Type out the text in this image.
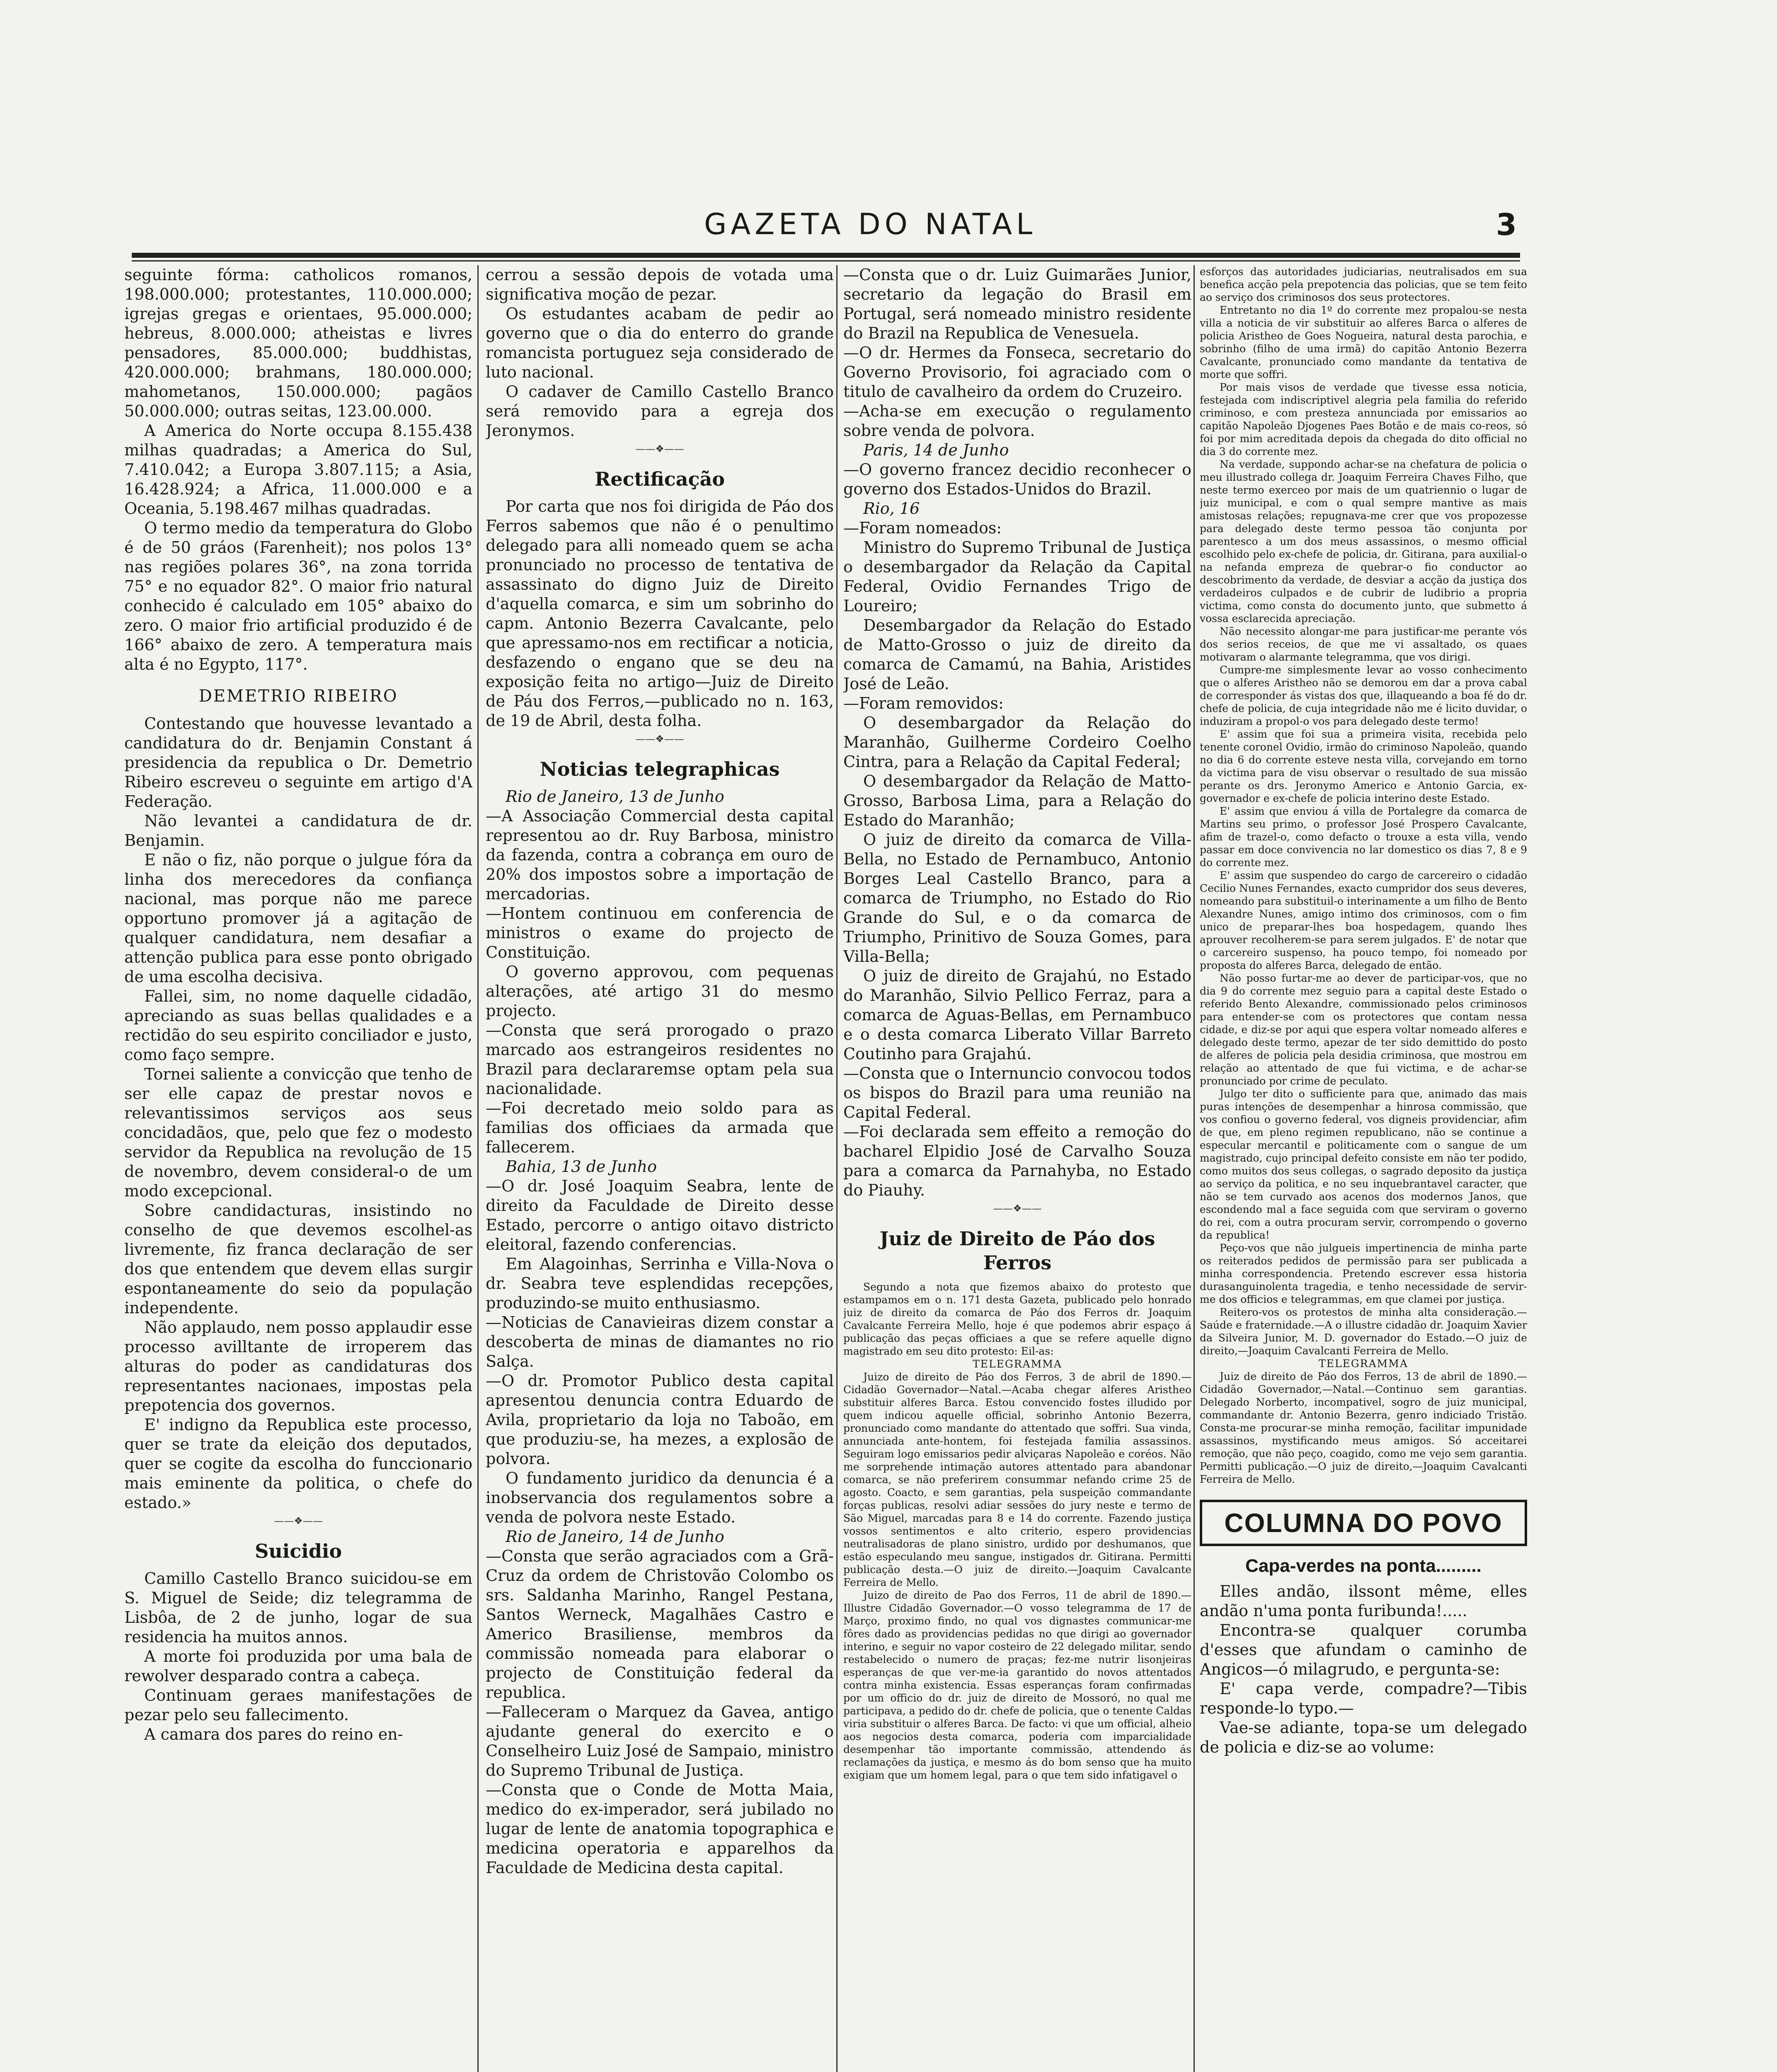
GAZETA DO NATAL	3

seguinte fórma: catholicos romanos, 198.000.000; protestantes, 110.000.000; igrejas gregas e orientaes, 95.000.000; hebreus, 8.000.000; atheistas e livres pensadores, 85.000.000; buddhistas, 420.000.000; brahmans, 180.000.000; mahometanos, 150.000.000; pagãos 50.000.000; outras seitas, 123.00.000.

A America do Norte occupa 8.155.438 milhas quadradas; a America do Sul, 7.410.042; a Europa 3.807.115; a Asia, 16.428.924; a Africa, 11.000.000 e a Oceania, 5.198.467 milhas quadradas.

O termo medio da temperatura do Globo é de 50 gráos (Farenheit); nos polos 13° nas regiões polares 36°, na zona torrida 75° e no equador 82°. O maior frio natural conhecido é calculado em 105° abaixo do zero. O maior frio artificial produzido é de 166° abaixo de zero. A temperatura mais alta é no Egypto, 117°.

DEMETRIO RIBEIRO

Contestando que houvesse levantado a candidatura do dr. Benjamin Constant á presidencia da republica o Dr. Demetrio Ribeiro escreveu o seguinte em artigo d'A Federação.

Não levantei a candidatura de dr. Benjamin.

E não o fiz, não porque o julgue fóra da linha dos merecedores da confiança nacional, mas porque não me parece opportuno promover já a agitação de qualquer candidatura, nem desafiar a attenção publica para esse ponto obrigado de uma escolha decisiva.

Fallei, sim, no nome daquelle cidadão, apreciando as suas bellas qualidades e a rectidão do seu espirito conciliador e justo, como faço sempre.

Tornei saliente a convicção que tenho de ser elle capaz de prestar novos e relevantissimos serviços aos seus concidadãos, que, pelo que fez o modesto servidor da Republica na revolução de 15 de novembro, devem consideral-o de um modo excepcional.

Sobre candidacturas, insistindo no conselho de que devemos escolhel-as livremente, fiz franca declaração de ser dos que entendem que devem ellas surgir espontaneamente do seio da população independente.

Não applaudo, nem posso applaudir esse processo avilltante de irroperem das alturas do poder as candidaturas dos representantes nacionaes, impostas pela prepotencia dos governos.

E' indigno da Republica este processo, quer se trate da eleição dos deputados, quer se cogite da escolha do funccionario mais eminente da politica, o chefe do estado.»

——❖——
Suicidio

Camillo Castello Branco suicidou-se em S. Miguel de Seide; diz telegramma de Lisbôa, de 2 de junho, logar de sua residencia ha muitos annos.

A morte foi produzida por uma bala de rewolver desparado contra a cabeça.

Continuam geraes manifestações de pezar pelo seu fallecimento.

A camara dos pares do reino en-

cerrou a sessão depois de votada uma significativa moção de pezar.

Os estudantes acabam de pedir ao governo que o dia do enterro do grande romancista portuguez seja considerado de luto nacional.

O cadaver de Camillo Castello Branco será removido para a egreja dos Jeronymos.

——❖——
Rectificação

Por carta que nos foi dirigida de Páo dos Ferros sabemos que não é o penultimo delegado para alli nomeado quem se acha pronunciado no processo de tentativa de assassinato do digno Juiz de Direito d'aquella comarca, e sim um sobrinho do capm. Antonio Bezerra Cavalcante, pelo que apressamo-nos em rectificar a noticia, desfazendo o engano que se deu na exposição feita no artigo—Juiz de Direito de Páu dos Ferros,—publicado no n. 163, de 19 de Abril, desta folha.

——❖——
Noticias telegraphicas

Rio de Janeiro, 13 de Junho

—A Associação Commercial desta capital representou ao dr. Ruy Barbosa, ministro da fazenda, contra a cobrança em ouro de 20% dos impostos sobre a importação de mercadorias.

—Hontem continuou em conferencia de ministros o exame do projecto de Constituição.

O governo approvou, com pequenas alterações, até artigo 31 do mesmo projecto.

—Consta que será prorogado o prazo marcado aos estrangeiros residentes no Brazil para declararemse optam pela sua nacionalidade.

—Foi decretado meio soldo para as familias dos officiaes da armada que fallecerem.

Bahia, 13 de Junho

—O dr. José Joaquim Seabra, lente de direito da Faculdade de Direito desse Estado, percorre o antigo oitavo districto eleitoral, fazendo conferencias.

Em Alagoinhas, Serrinha e Villa-Nova o dr. Seabra teve esplendidas recepções, produzindo-se muito enthusiasmo.

—Noticias de Canavieiras dizem constar a descoberta de minas de diamantes no rio Salça.

—O dr. Promotor Publico desta capital apresentou denuncia contra Eduardo de Avila, proprietario da loja no Taboão, em que produziu-se, ha mezes, a explosão de polvora.

O fundamento juridico da denuncia é a inobservancia dos regulamentos sobre a venda de polvora neste Estado.

Rio de Janeiro, 14 de Junho

—Consta que serão agraciados com a Grã-Cruz da ordem de Christovão Colombo os srs. Saldanha Marinho, Rangel Pestana, Santos Werneck, Magalhães Castro e Americo Brasiliense, membros da commissão nomeada para elaborar o projecto de Constituição federal da republica.

—Falleceram o Marquez da Gavea, antigo ajudante general do exercito e o Conselheiro Luiz José de Sampaio, ministro do Supremo Tribunal de Justiça.

—Consta que o Conde de Motta Maia, medico do ex-imperador, será jubilado no lugar de lente de anatomia topographica e medicina operatoria e apparelhos da Faculdade de Medicina desta capital.

—Consta que o dr. Luiz Guimarães Junior, secretario da legação do Brasil em Portugal, será nomeado ministro residente do Brazil na Republica de Venesuela.

—O dr. Hermes da Fonseca, secretario do Governo Provisorio, foi agraciado com o titulo de cavalheiro da ordem do Cruzeiro.

—Acha-se em execução o regulamento sobre venda de polvora.

Paris, 14 de Junho

—O governo francez decidio reconhecer o governo dos Estados-Unidos do Brazil.

Rio, 16

—Foram nomeados:

Ministro do Supremo Tribunal de Justiça o desembargador da Relação da Capital Federal, Ovidio Fernandes Trigo de Loureiro;

Desembargador da Relação do Estado de Matto-Grosso o juiz de direito da comarca de Camamú, na Bahia, Aristides José de Leão.

—Foram removidos:

O desembargador da Relação do Maranhão, Guilherme Cordeiro Coelho Cintra, para a Relação da Capital Federal;

O desembargador da Relação de Matto-Grosso, Barbosa Lima, para a Relação do Estado do Maranhão;

O juiz de direito da comarca de Villa-Bella, no Estado de Pernambuco, Antonio Borges Leal Castello Branco, para a comarca de Triumpho, no Estado do Rio Grande do Sul, e o da comarca de Triumpho, Prinitivo de Souza Gomes, para Villa-Bella;

O juiz de direito de Grajahú, no Estado do Maranhão, Silvio Pellico Ferraz, para a comarca de Aguas-Bellas, em Pernambuco e o desta comarca Liberato Villar Barreto Coutinho para Grajahú.

—Consta que o Internuncio convocou todos os bispos do Brazil para uma reunião na Capital Federal.

—Foi declarada sem effeito a remoção do bacharel Elpidio José de Carvalho Souza para a comarca da Parnahyba, no Estado do Piauhy.

——❖——
Juiz de Direito de Páo dos Ferros

Segundo a nota que fizemos abaixo do protesto que estampamos em o n. 171 desta Gazeta, publicado pelo honrado juiz de direito da comarca de Páo dos Ferros dr. Joaquim Cavalcante Ferreira Mello, hoje é que podemos abrir espaço á publicação das peças officiaes a que se refere aquelle digno magistrado em seu dito protesto: Eil-as:

TELEGRAMMA

Juizo de direito de Páo dos Ferros, 3 de abril de 1890.—Cidadão Governador—Natal.—Acaba chegar alferes Aristheo substituir alferes Barca. Estou convencido fostes illudido por quem indicou aquelle official, sobrinho Antonio Bezerra, pronunciado como mandante do attentado que soffri. Sua vinda, annunciada ante-hontem, foi festejada familia assassinos. Seguiram logo emissarios pedir alviçaras Napoleão e coréos. Não me sorprehende intimação autores attentado para abandonar comarca, se não preferirem consummar nefando crime 25 de agosto. Coacto, e sem garantias, pela suspeição commandante forças publicas, resolvi adiar sessões do jury neste e termo de São Miguel, marcadas para 8 e 14 do corrente. Fazendo justiça vossos sentimentos e alto criterio, espero providencias neutralisadoras de plano sinistro, urdido por deshumanos, que estão especulando meu sangue, instigados dr. Gitirana. Permitti publicação desta.—O juiz de direito.—Joaquim Cavalcante Ferreira de Mello.

Juizo de direito de Pao dos Ferros, 11 de abril de 1890.—Illustre Cidadão Governador.—O vosso telegramma de 17 de Março, proximo findo, no qual vos dignastes communicar-me fôres dado as providencias pedidas no que dirigi ao governador interino, e seguir no vapor costeiro de 22 delegado militar, sendo restabelecido o numero de praças; fez-me nutrir lisonjeiras esperanças de que ver-me-ia garantido do novos attentados contra minha existencia. Essas esperanças foram confirmadas por um officio do dr. juiz de direito de Mossoró, no qual me participava, a pedido do dr. chefe de policia, que o tenente Caldas viria substituir o alferes Barca. De facto: vi que um official, alheio aos negocios desta comarca, poderia com imparcialidade desempenhar tão importante commissão, attendendo ás reclamações da justiça, e mesmo ás do bom senso que ha muito exigiam que um homem legal, para o que tem sido infatigavel o

esforços das autoridades judiciarias, neutralisados em sua benefica acção pela prepotencia das policias, que se tem feito ao serviço dos criminosos dos seus protectores.

Entretanto no dia 1º do corrente mez propalou-se nesta villa a noticia de vir substituir ao alferes Barca o alferes de policia Aristheo de Goes Nogueira, natural desta parochia, e sobrinho (filho de uma irmã) do capitão Antonio Bezerra Cavalcante, pronunciado como mandante da tentativa de morte que soffri.

Por mais visos de verdade que tivesse essa noticia, festejada com indiscriptivel alegria pela familia do referido criminoso, e com presteza annunciada por emissarios ao capitão Napoleão Djogenes Paes Botão e de mais co-reos, só foi por mim acreditada depois da chegada do dito official no dia 3 do corrente mez.

Na verdade, suppondo achar-se na chefatura de policia o meu illustrado collega dr. Joaquim Ferreira Chaves Filho, que neste termo exerceo por mais de um quatriennio o lugar de juiz municipal, e com o qual sempre mantive as mais amistosas relações; repugnava-me crer que vos propozesse para delegado deste termo pessoa tão conjunta por parentesco a um dos meus assassinos, o mesmo official escolhido pelo ex-chefe de policia, dr. Gitirana, para auxilial-o na nefanda empreza de quebrar-o fio conductor ao descobrimento da verdade, de desviar a acção da justiça dos verdadeiros culpados e de cubrir de ludibrio a propria victima, como consta do documento junto, que submetto á vossa esclarecida apreciação.

Não necessito alongar-me para justificar-me perante vós dos serios receios, de que me vi assaltado, os quaes motivaram o alarmante telegramma, que vos dirigi.

Cumpre-me simplesmente levar ao vosso conhecimento que o alferes Aristheo não se demorou em dar a prova cabal de corresponder ás vistas dos que, illaqueando a boa fé do dr. chefe de policia, de cuja integridade não me é licito duvidar, o induziram a propol-o vos para delegado deste termo!

E' assim que foi sua a primeira visita, recebida pelo tenente coronel Ovidio, irmão do criminoso Napoleão, quando no dia 6 do corrente esteve nesta villa, corvejando em torno da victima para de visu observar o resultado de sua missão perante os drs. Jeronymo Americo e Antonio Garcia, ex-governador e ex-chefe de policia interino deste Estado.

E' assim que enviou á villa de Portalegre da comarca de Martins seu primo, o professor José Prospero Cavalcante, afim de trazel-o, como defacto o trouxe a esta villa, vendo passar em doce convivencia no lar domestico os dias 7, 8 e 9 do corrente mez.

E' assim que suspendeo do cargo de carcereiro o cidadão Cecilio Nunes Fernandes, exacto cumpridor dos seus deveres, nomeando para substituil-o interinamente a um filho de Bento Alexandre Nunes, amigo intimo dos criminosos, com o fim unico de preparar-lhes boa hospedagem, quando lhes aprouver recolherem-se para serem julgados. E' de notar que o carcereiro suspenso, ha pouco tempo, foi nomeado por proposta do alferes Barca, delegado de então.

Não posso furtar-me ao dever de participar-vos, que no dia 9 do corrente mez seguio para a capital deste Estado o referido Bento Alexandre, commissionado pelos criminosos para entender-se com os protectores que contam nessa cidade, e diz-se por aqui que espera voltar nomeado alferes e delegado deste termo, apezar de ter sido demittido do posto de alferes de policia pela desidia criminosa, que mostrou em relação ao attentado de que fui victima, e de achar-se pronunciado por crime de peculato.

Julgo ter dito o sufficiente para que, animado das mais puras intenções de desempenhar a hinrosa commissão, que vos confiou o governo federal, vos digneis providenciar, afim de que, em pleno regimen republicano, não se continue a especular mercantil e politicamente com o sangue de um magistrado, cujo principal defeito consiste em não ter podido, como muitos dos seus collegas, o sagrado deposito da justiça ao serviço da politica, e no seu inquebrantavel caracter, que não se tem curvado aos acenos dos modernos Janos, que escondendo mal a face seguida com que serviram o governo do rei, com a outra procuram servir, corrompendo o governo da republica!

Peço-vos que não julgueis impertinencia de minha parte os reiterados pedidos de permissão para ser publicada a minha correspondencia. Pretendo escrever essa historia durasanguinolenta tragedia, e tenho necessidade de servir-me dos officios e telegrammas, em que clamei por justiça.

Reitero-vos os protestos de minha alta consideração.—Saúde e fraternidade.—A o illustre cidadão dr. Joaquim Xavier da Silveira Junior, M. D. governador do Estado.—O juiz de direito,—Joaquim Cavalcanti Ferreira de Mello.

TELEGRAMMA

Juiz de direito de Páo dos Ferros, 13 de abril de 1890.—Cidadão Governador,—Natal.—Continuo sem garantias. Delegado Norberto, incompativel, sogro de juiz municipal, commandante dr. Antonio Bezerra, genro indiciado Tristão. Consta-me procurar-se minha remoção, facilitar impunidade assassinos, mystificando meus amigos. Só acceitarei remoção, que não peço, coagido, como me vejo sem garantia. Permitti publicação.—O juiz de direito,—Joaquim Cavalcanti Ferreira de Mello.

COLUMNA DO POVO
Capa-verdes na ponta.........

Elles andão, ilssont même, elles andão n'uma ponta furibunda!.....

Encontra-se qualquer corumba d'esses que afundam o caminho de Angicos—ó milagrudo, e pergunta-se:

E' capa verde, compadre?—Tibis responde-lo typo.—

Vae-se adiante, topa-se um delegado de policia e diz-se ao volume:
